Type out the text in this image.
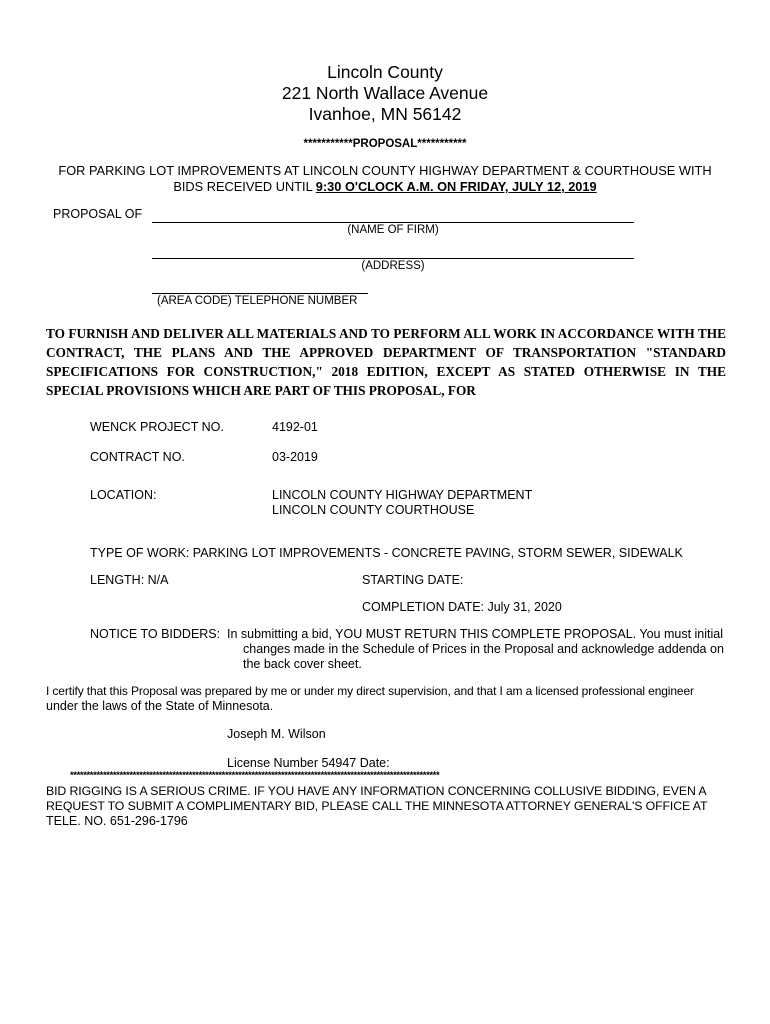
Lincoln County
221 North Wallace Avenue
Ivanhoe, MN 56142
***********PROPOSAL***********
FOR PARKING LOT IMPROVEMENTS AT LINCOLN COUNTY HIGHWAY DEPARTMENT & COURTHOUSE WITH
BIDS RECEIVED UNTIL 9:30 O'CLOCK A.M. ON FRIDAY, JULY 12, 2019
PROPOSAL OF
(NAME OF FIRM)
(ADDRESS)
(AREA CODE) TELEPHONE NUMBER
TO FURNISH AND DELIVER ALL MATERIALS AND TO PERFORM ALL WORK IN ACCORDANCE WITH THE CONTRACT, THE PLANS AND THE APPROVED DEPARTMENT OF TRANSPORTATION "STANDARD SPECIFICATIONS FOR CONSTRUCTION," 2018 EDITION, EXCEPT AS STATED OTHERWISE IN THE SPECIAL PROVISIONS WHICH ARE PART OF THIS PROPOSAL, FOR
WENCK PROJECT NO.	4192-01
CONTRACT NO.	03-2019
LOCATION:	LINCOLN COUNTY HIGHWAY DEPARTMENT
LINCOLN COUNTY COURTHOUSE
TYPE OF WORK: PARKING LOT IMPROVEMENTS - CONCRETE PAVING, STORM SEWER, SIDEWALK
LENGTH: N/A	STARTING DATE:
COMPLETION DATE: July 31, 2020
NOTICE TO BIDDERS: In submitting a bid, YOU MUST RETURN THIS COMPLETE PROPOSAL. You must initial
changes made in the Schedule of Prices in the Proposal and acknowledge addenda on
the back cover sheet.
I certify that this Proposal was prepared by me or under my direct supervision, and that I am a licensed professional engineer
under the laws of the State of Minnesota.
Joseph M. Wilson
License Number 54947 Date:
****************************************************************************************************************
BID RIGGING IS A SERIOUS CRIME. IF YOU HAVE ANY INFORMATION CONCERNING COLLUSIVE BIDDING, EVEN A
REQUEST TO SUBMIT A COMPLIMENTARY BID, PLEASE CALL THE MINNESOTA ATTORNEY GENERAL'S OFFICE AT
TELE. NO. 651-296-1796
